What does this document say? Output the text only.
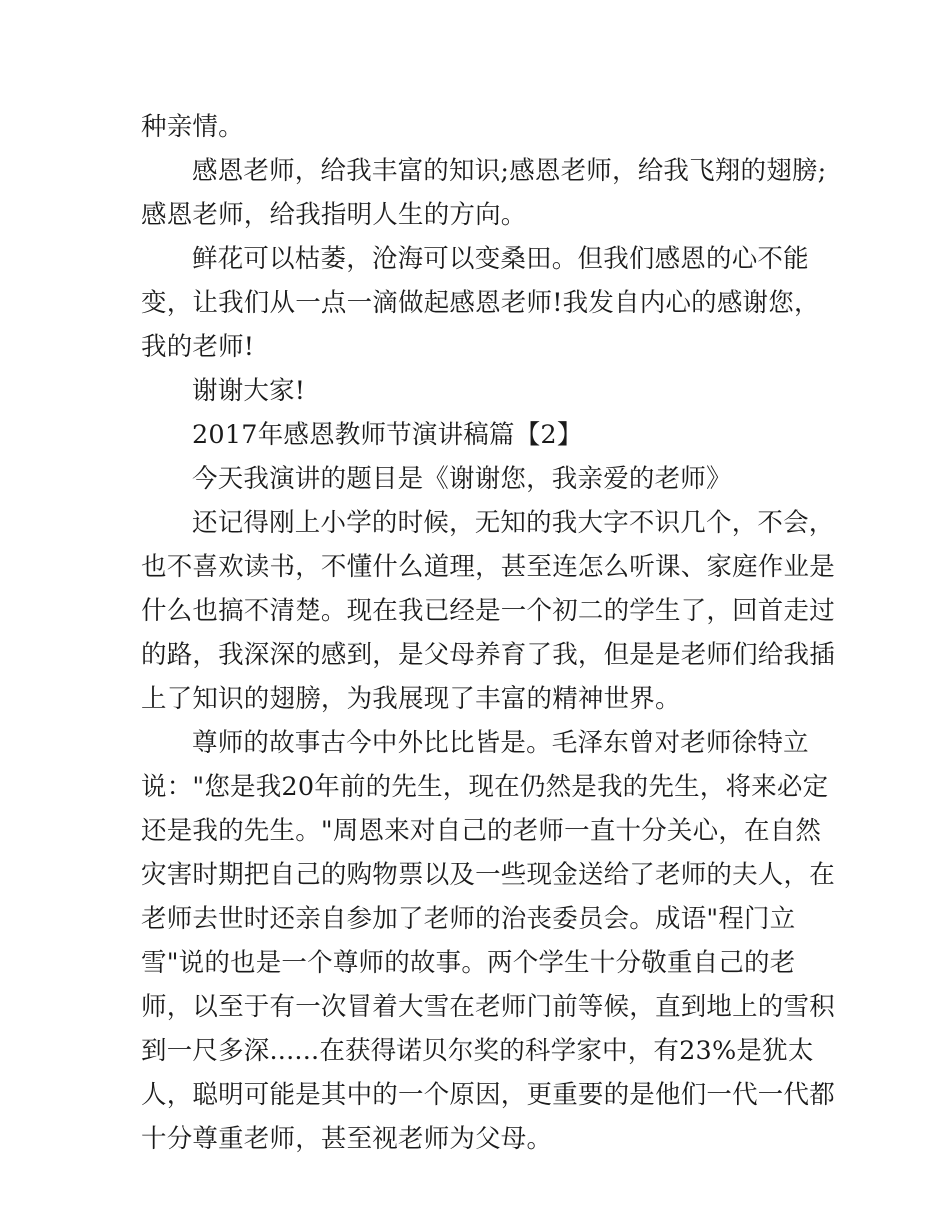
种亲情。
感恩老师，给我丰富的知识;感恩老师，给我飞翔的翅膀;
感恩老师，给我指明人生的方向。
鲜花可以枯萎，沧海可以变桑田。但我们感恩的心不能
变，让我们从一点一滴做起感恩老师!我发自内心的感谢您，
我的老师!
谢谢大家!
2017年感恩教师节演讲稿篇【2】
今天我演讲的题目是《谢谢您，我亲爱的老师》
还记得刚上小学的时候，无知的我大字不识几个，不会，
也不喜欢读书，不懂什么道理，甚至连怎么听课、家庭作业是
什么也搞不清楚。现在我已经是一个初二的学生了，回首走过
的路，我深深的感到，是父母养育了我，但是是老师们给我插
上了知识的翅膀，为我展现了丰富的精神世界。
尊师的故事古今中外比比皆是。毛泽东曾对老师徐特立
说："您是我20年前的先生，现在仍然是我的先生，将来必定
还是我的先生。"周恩来对自己的老师一直十分关心，在自然
灾害时期把自己的购物票以及一些现金送给了老师的夫人，在
老师去世时还亲自参加了老师的治丧委员会。成语"程门立
雪"说的也是一个尊师的故事。两个学生十分敬重自己的老
师，以至于有一次冒着大雪在老师门前等候，直到地上的雪积
到一尺多深......在获得诺贝尔奖的科学家中，有23%是犹太
人，聪明可能是其中的一个原因，更重要的是他们一代一代都
十分尊重老师，甚至视老师为父母。
